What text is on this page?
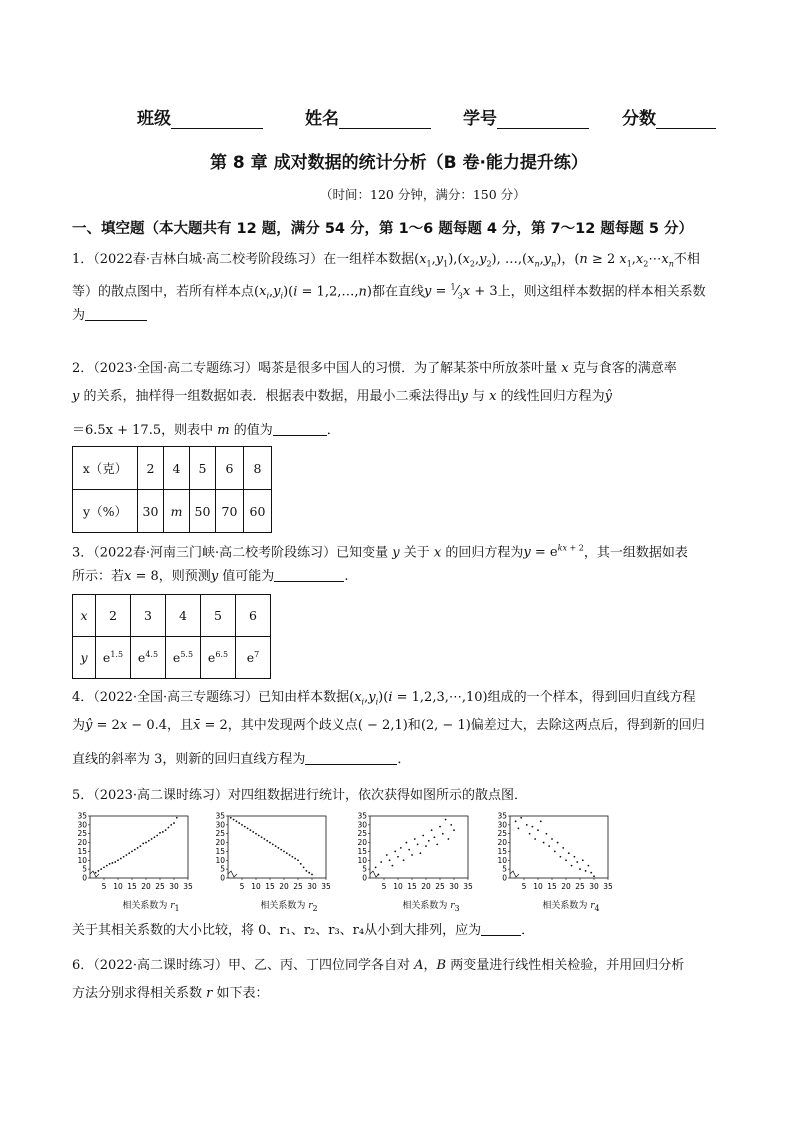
班级	姓名	学号	分数
第 8 章 成对数据的统计分析（B 卷·能力提升练）
（时间：120 分钟，满分：150 分）
一、填空题（本大题共有 12 题，满分 54 分，第 1～6 题每题 4 分，第 7～12 题每题 5 分）
1．（2022春·吉林白城·高二校考阶段练习）在一组样本数据$(x_1,y_1),(x_2,y_2)$, $\dots,(x_n,y_n)$，(n ≥ 2 $x_1,x_2\cdots x_n$不相
等）的散点图中，若所有样本点$(x_i,y_i)(i$ = 1,2,…,n)都在直线$y = ^1⁄_3x + 3$上，则这组样本数据的样本相关系数
为
2．（2023·全国·高二专题练习）喝茶是很多中国人的习惯．为了解某茶中所放茶叶量 x 克与食客的满意率
y 的关系，抽样得一组数据如表．根据表中数据，用最小二乘法得出y 与 x 的线性回归方程为ŷ
＝6.5x + 17.5，则表中 m 的值为	．
x（克）	2	4	5	6	8
y（%）	30	m	50	70	60
3．（2022春·河南三门峡·高二校考阶段练习）已知变量 y 关于 x 的回归方程为$y = e^{kx + 2}$，其一组数据如表
所示：若x = 8，则预测y 值可能为	.
x	2	3	4	5	6
y	$e^{1.5}$	$e^{4.5}$	$e^{5.5}$	$e^{6.5}$	$e^7$
4．（2022·全国·高三专题练习）已知由样本数据$(x_i,y_i)(i$ = 1,2,3,⋯,10)组成的一个样本，得到回归直线方程
为ŷ = 2x − 0.4，且x̄ = 2，其中发现两个歧义点( − 2,1)和(2, − 1)偏差过大，去除这两点后，得到新的回归
直线的斜率为 3，则新的回归直线方程为	．
5．（2023·高二课时练习）对四组数据进行统计，依次获得如图所示的散点图．
0
5
10
15
20
25
30
35
5 10 15 20 25 30 35
0
5
10
15
20
25
30
35
5 10 15 20 25 30 35
0
5
10
15
20
25
30
35
5 10 15 20 25 30 35
0
5
10
15
20
25
30
35
5 10 15 20 25 30 35
相关系数为 $r_1$	相关系数为 $r_2$	相关系数为 $r_3$	相关系数为 $r_4$
关于其相关系数的大小比较，将 0、r₁、r₂、r₃、r₄从小到大排列，应为	．
6．（2022·高二课时练习）甲、乙、丙、丁四位同学各自对 A，B 两变量进行线性相关检验，并用回归分析
方法分别求得相关系数 r 如下表：
